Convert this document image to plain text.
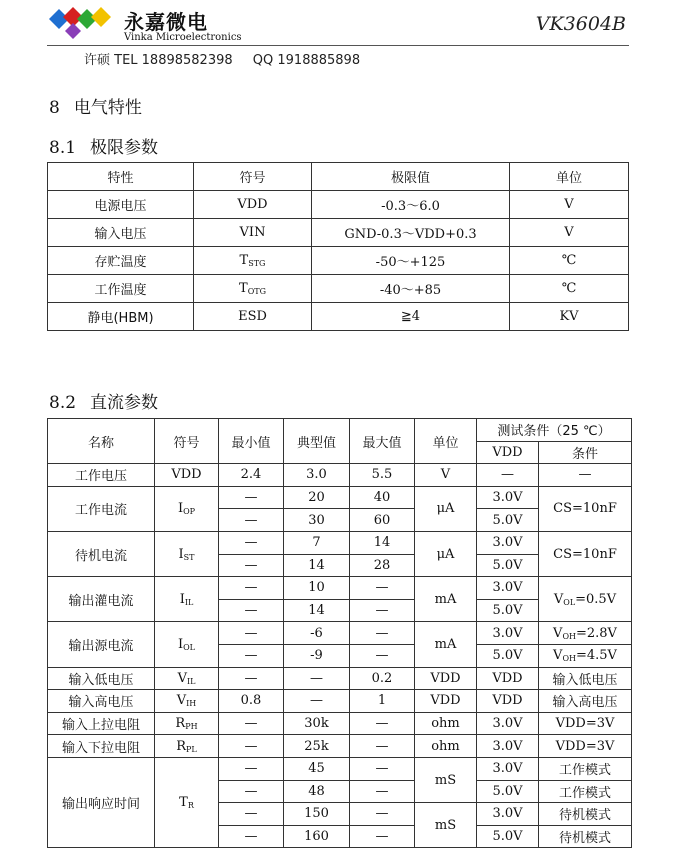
永嘉微电
Vinka Microelectronics
VK3604B
许硕 TEL 18898582398 QQ 1918885898
8 电气特性
8.1 极限参数
特性	符号	极限值	单位
电源电压	VDD	-0.3～6.0	V
输入电压	VIN	GND-0.3～VDD+0.3	V
存贮温度	$T_{STG}$	-50～+125	℃
工作温度	$T_{OTG}$	-40～+85	℃
静电(HBM)	ESD	≧4	KV
8.2 直流参数
名称	符号	最小值	典型值	最大值	单位	测试条件（25 ℃）	
						VDD	条件
工作电压	VDD	2.4	3.0	5.5	V	—	—
工作电流	$I_{OP}$	—	20	40	μA	3.0V	CS=10nF
		—	30	60		5.0V	
待机电流	$I_{ST}$	—	7	14	μA	3.0V	CS=10nF
		—	14	28		5.0V	
输出灌电流	$I_{IL}$	—	10	—	mA	3.0V	$V_{OL}=0.5V$
		—	14	—		5.0V	
输出源电流	$I_{OL}$	—	-6	—	mA	3.0V	$V_{OH}=2.8V$
		—	-9	—		5.0V	$V_{OH}=4.5V$
输入低电压	$V_{IL}$	—	—	0.2	VDD	VDD	输入低电压
输入高电压	$V_{IH}$	0.8	—	1	VDD	VDD	输入高电压
输入上拉电阻	$R_{PH}$	—	30k	—	ohm	3.0V	VDD=3V
输入下拉电阻	$R_{PL}$	—	25k	—	ohm	3.0V	VDD=3V
输出响应时间	$T_R$	—	45	—	mS	3.0V	工作模式
		—	48	—		5.0V	工作模式
		—	150	—	mS	3.0V	待机模式
		—	160	—		5.0V	待机模式
